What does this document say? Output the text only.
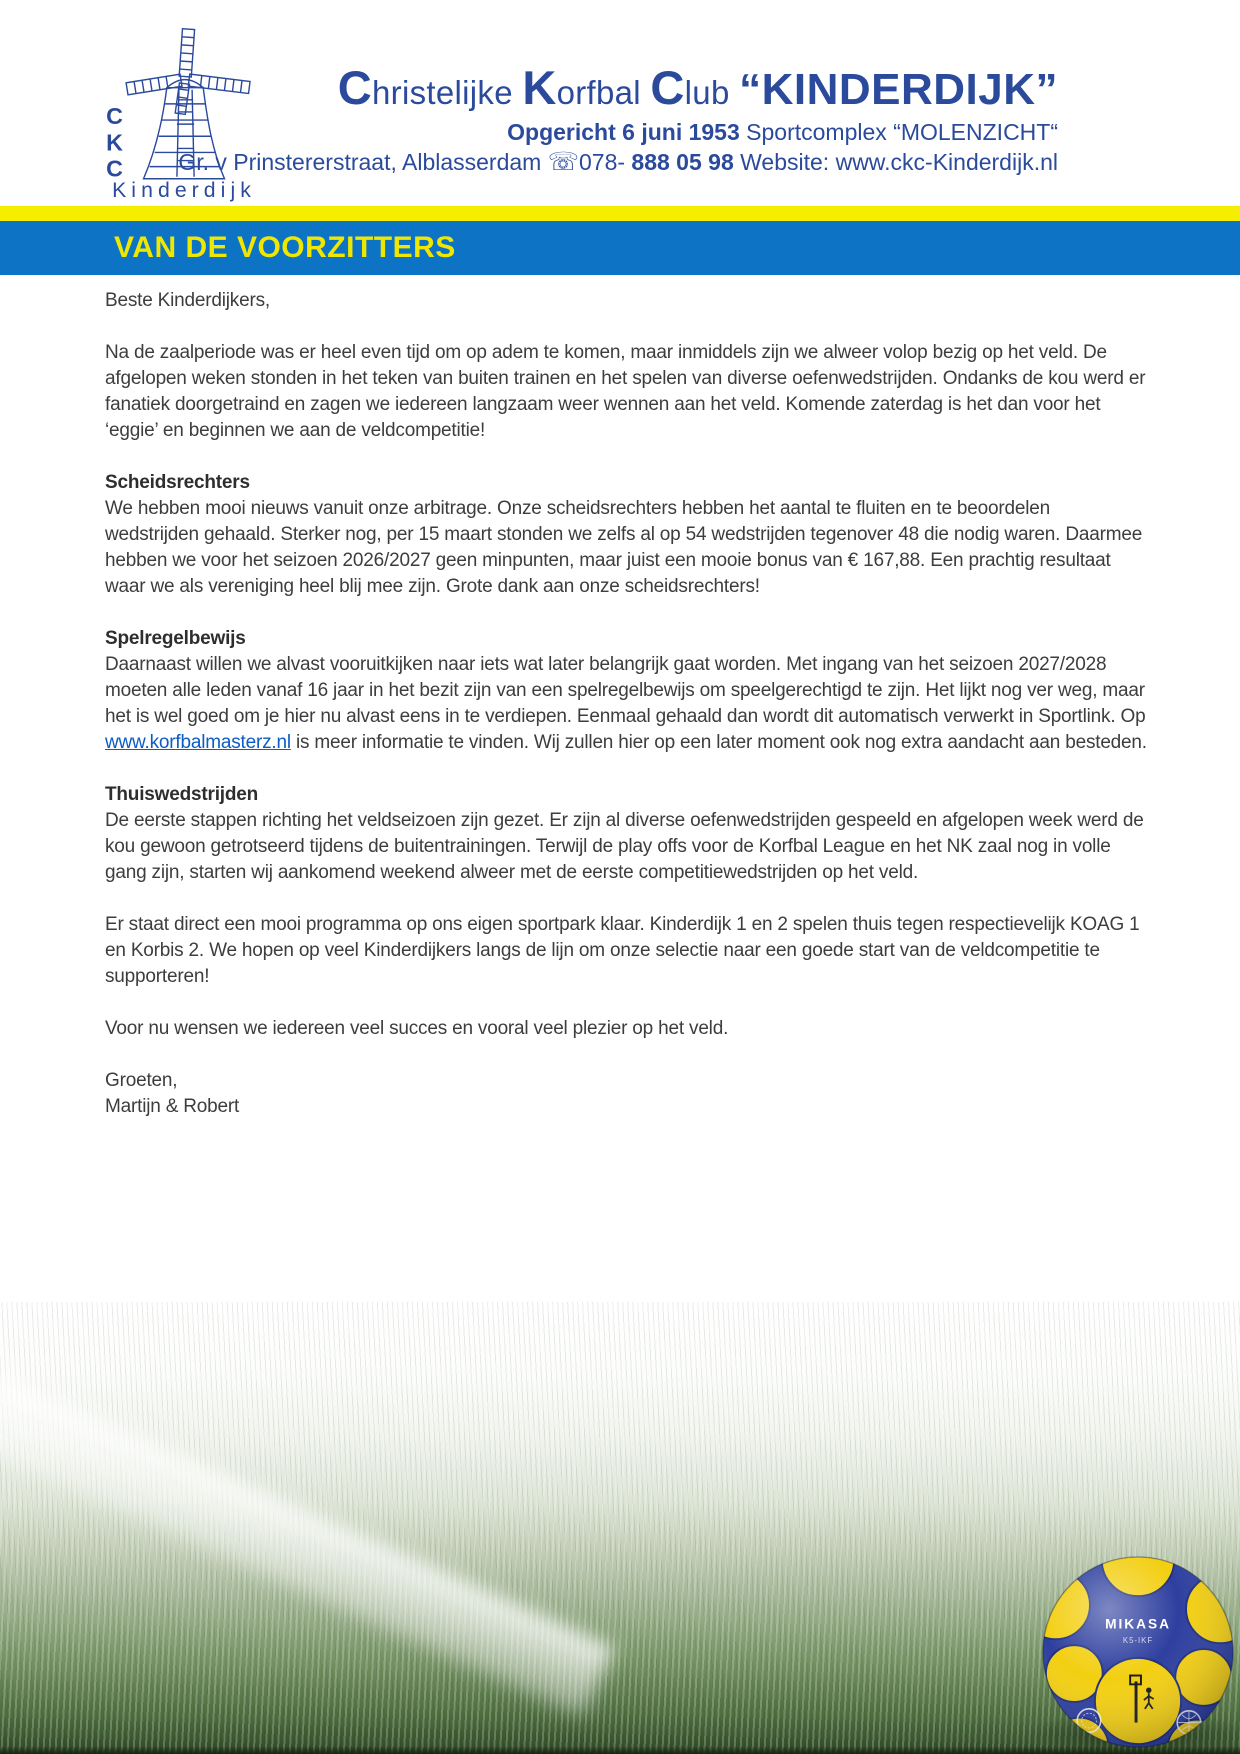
C
K
C
Kinderdijk
Christelijke Korfbal Club “KINDERDIJK”
Opgericht 6 juni 1953 Sportcomplex “MOLENZICHT“
Gr. v Prinstererstraat, Alblasserdam ☏078- 888 05 98 Website: www.ckc-Kinderdijk.nl
VAN DE VOORZITTERS

Beste Kinderdijkers,

Na de zaalperiode was er heel even tijd om op adem te komen, maar inmiddels zijn we alweer volop bezig op het veld. De afgelopen weken stonden in het teken van buiten trainen en het spelen van diverse oefenwedstrijden. Ondanks de kou werd er fanatiek doorgetraind en zagen we iedereen langzaam weer wennen aan het veld. Komende zaterdag is het dan voor het ‘eggie’ en beginnen we aan de veldcompetitie!

Scheidsrechters

We hebben mooi nieuws vanuit onze arbitrage. Onze scheidsrechters hebben het aantal te fluiten en te beoordelen wedstrijden gehaald. Sterker nog, per 15 maart stonden we zelfs al op 54 wedstrijden tegenover 48 die nodig waren. Daarmee hebben we voor het seizoen 2026/2027 geen minpunten, maar juist een mooie bonus van € 167,88. Een prachtig resultaat waar we als vereniging heel blij mee zijn. Grote dank aan onze scheidsrechters!

Spelregelbewijs

Daarnaast willen we alvast vooruitkijken naar iets wat later belangrijk gaat worden. Met ingang van het seizoen 2027/2028 moeten alle leden vanaf 16 jaar in het bezit zijn van een spelregelbewijs om speelgerechtigd te zijn. Het lijkt nog ver weg, maar het is wel goed om je hier nu alvast eens in te verdiepen. Eenmaal gehaald dan wordt dit automatisch verwerkt in Sportlink. Op www.korfbalmasterz.nl is meer informatie te vinden. Wij zullen hier op een later moment ook nog extra aandacht aan besteden.

Thuiswedstrijden

De eerste stappen richting het veldseizoen zijn gezet. Er zijn al diverse oefenwedstrijden gespeeld en afgelopen week werd de kou gewoon getrotseerd tijdens de buitentrainingen. Terwijl de play offs voor de Korfbal League en het NK zaal nog in volle gang zijn, starten wij aankomend weekend alweer met de eerste competitiewedstrijden op het veld.

Er staat direct een mooi programma op ons eigen sportpark klaar. Kinderdijk 1 en 2 spelen thuis tegen respectievelijk KOAG 1 en Korbis 2. We hopen op veel Kinderdijkers langs de lijn om onze selectie naar een goede start van de veldcompetitie te supporteren!

Voor nu wensen we iedereen veel succes en vooral veel plezier op het veld.

Groeten,

Martijn & Robert
